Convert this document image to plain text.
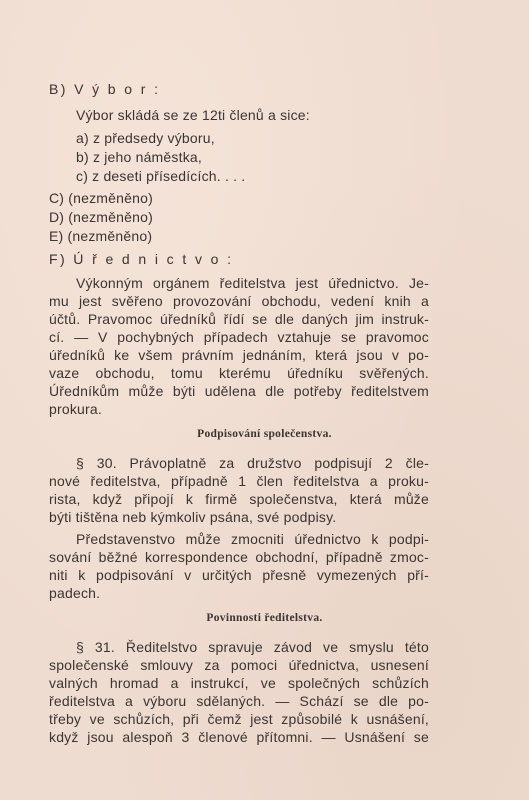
B) V ý b o r :
Výbor skládá se ze 12ti členů a sice:
a) z předsedy výboru,
b) z jeho náměstka,
c) z deseti přísedících. . . .
C) (nezměněno)
D) (nezměněno)
E) (nezměněno)
F) Ú ř e d n i c t v o :
Výkonným orgánem ředitelstva jest úřednictvo. Je-
mu jest svěřeno provozování obchodu, vedení knih a
účtů. Pravomoc úředníků řídí se dle daných jim instruk-
cí. — V pochybných případech vztahuje se pravomoc
úředníků ke všem právním jednáním, která jsou v po-
vaze obchodu, tomu kterému úředníku svěřených.
Úředníkům může býti udělena dle potřeby ředitelstvem
prokura.
Podpisování společenstva.
§ 30. Právoplatně za družstvo podpisují 2 čle-
nové ředitelstva, případně 1 člen ředitelstva a proku-
rista, když připojí k firmě společenstva, která může
býti tištěna neb kýmkoliv psána, své podpisy.
Představenstvo může zmocniti úřednictvo k podpi-
sování běžné korrespondence obchodní, případně zmoc-
niti k podpisování v určitých přesně vymezených pří-
padech.
Povinnosti ředitelstva.
§ 31. Ředitelstvo spravuje závod ve smyslu této
společenské smlouvy za pomoci úřednictva, usnesení
valných hromad a instrukcí, ve společných schůzích
ředitelstva a výboru sdělaných. — Schází se dle po-
třeby ve schůzích, při čemž jest způsobilé k usnášení,
když jsou alespoň 3 členové přítomni. — Usnášení se
